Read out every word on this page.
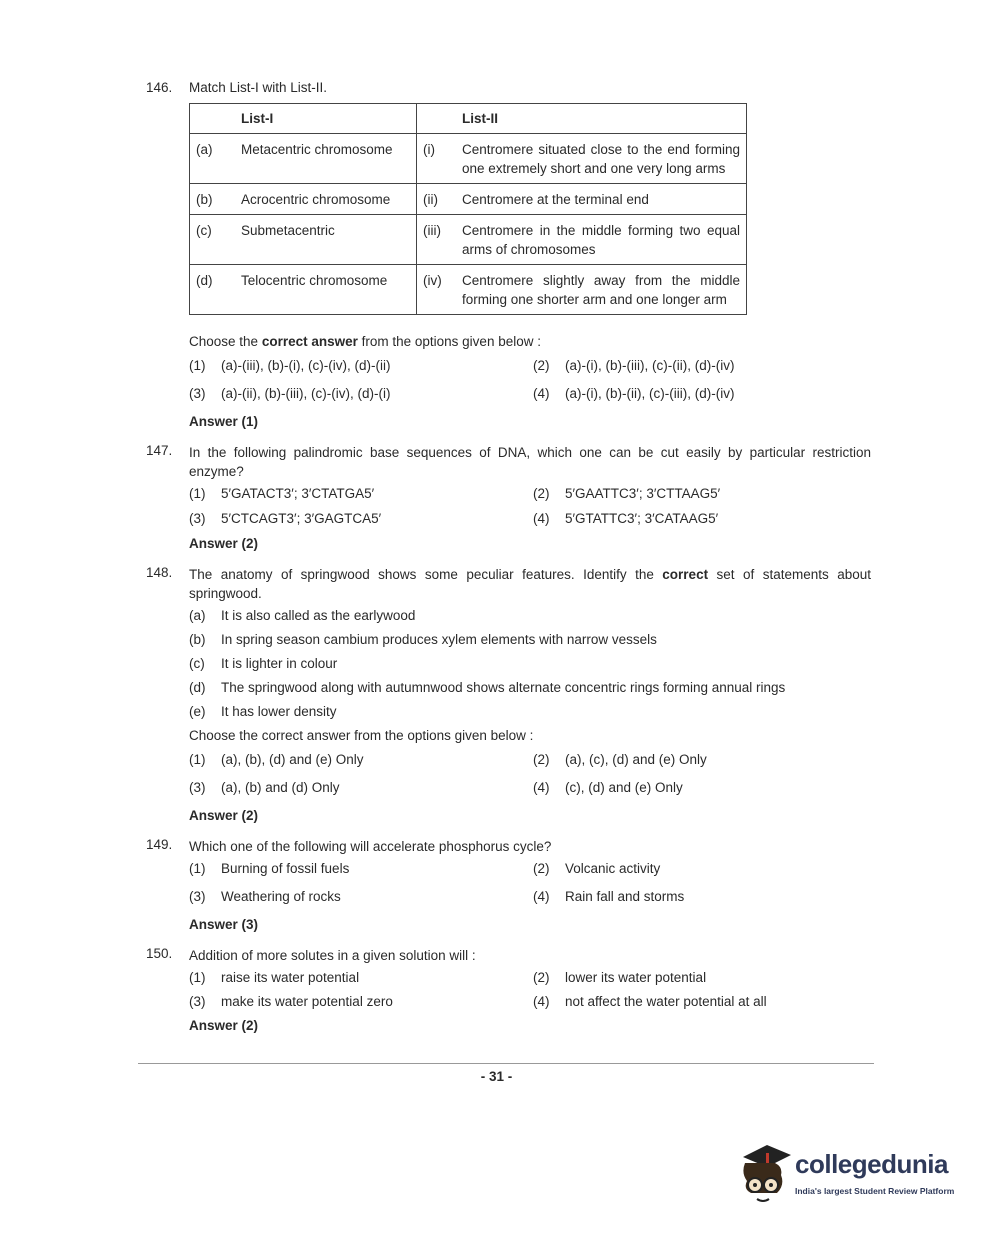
146. Match List-I with List-II.
	List-I		List-II
(a)	Metacentric chromosome	(i)	Centromere situated close to the end forming one extremely short and one very long arms
(b)	Acrocentric chromosome	(ii)	Centromere at the terminal end
(c)	Submetacentric	(iii)	Centromere in the middle forming two equal arms of chromosomes
(d)	Telocentric chromosome	(iv)	Centromere slightly away from the middle forming one shorter arm and one longer arm
Choose the correct answer from the options given below :
(1) (a)-(iii), (b)-(i), (c)-(iv), (d)-(ii)	(2) (a)-(i), (b)-(iii), (c)-(ii), (d)-(iv)
(3) (a)-(ii), (b)-(iii), (c)-(iv), (d)-(i)	(4) (a)-(i), (b)-(ii), (c)-(iii), (d)-(iv)
Answer (1)
147. In the following palindromic base sequences of DNA, which one can be cut easily by particular restriction enzyme?
(1) 5′GATACT3′; 3′CTATGA5′	(2) 5′GAATTC3′; 3′CTTAAG5′
(3) 5′CTCAGT3′; 3′GAGTCA5′	(4) 5′GTATTC3′; 3′CATAAG5′
Answer (2)
148. The anatomy of springwood shows some peculiar features. Identify the correct set of statements about springwood.
(a) It is also called as the earlywood
(b) In spring season cambium produces xylem elements with narrow vessels
(c) It is lighter in colour
(d) The springwood along with autumnwood shows alternate concentric rings forming annual rings
(e) It has lower density
Choose the correct answer from the options given below :
(1) (a), (b), (d) and (e) Only	(2) (a), (c), (d) and (e) Only
(3) (a), (b) and (d) Only	(4) (c), (d) and (e) Only
Answer (2)
149. Which one of the following will accelerate phosphorus cycle?
(1) Burning of fossil fuels	(2) Volcanic activity
(3) Weathering of rocks	(4) Rain fall and storms
Answer (3)
150. Addition of more solutes in a given solution will :
(1) raise its water potential	(2) lower its water potential
(3) make its water potential zero	(4) not affect the water potential at all
Answer (2)
- 31 -
collegedunia
India's largest Student Review Platform
